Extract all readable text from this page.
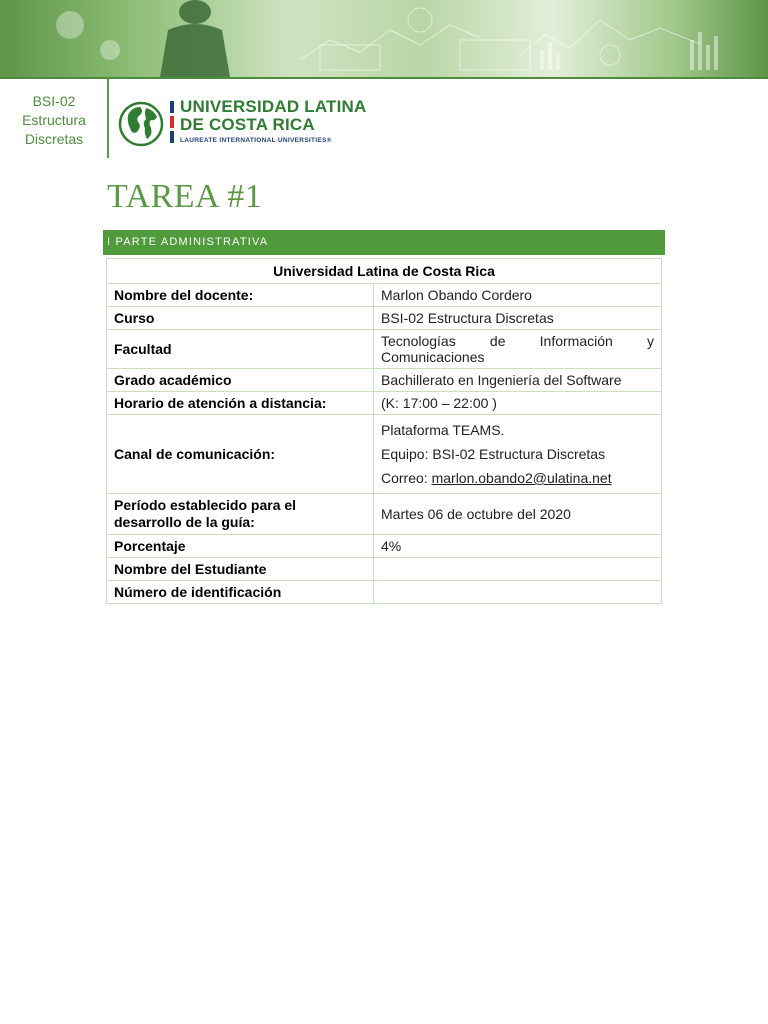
BSI-02
Estructura
Discretas
UNIVERSIDAD LATINA
DE COSTA RICA
LAUREATE INTERNATIONAL UNIVERSITIES®
TAREA #1
I PARTE ADMINISTRATIVA
Universidad Latina de Costa Rica	
Nombre del docente:	Marlon Obando Cordero
Curso	BSI-02 Estructura Discretas
Facultad	Tecnologías de Información y
Comunicaciones

Grado académico	Bachillerato en Ingeniería del Software
Horario de atención a distancia:	(K: 17:00 – 22:00 )
Canal de comunicación:	Plataforma TEAMS.
Equipo: BSI-02 Estructura Discretas
Correo: marlon.obando2@ulatina.net

Período establecido para el
desarrollo de la guía:	Martes 06 de octubre del 2020
Porcentaje	4%
Nombre del Estudiante	
Número de identificación	
